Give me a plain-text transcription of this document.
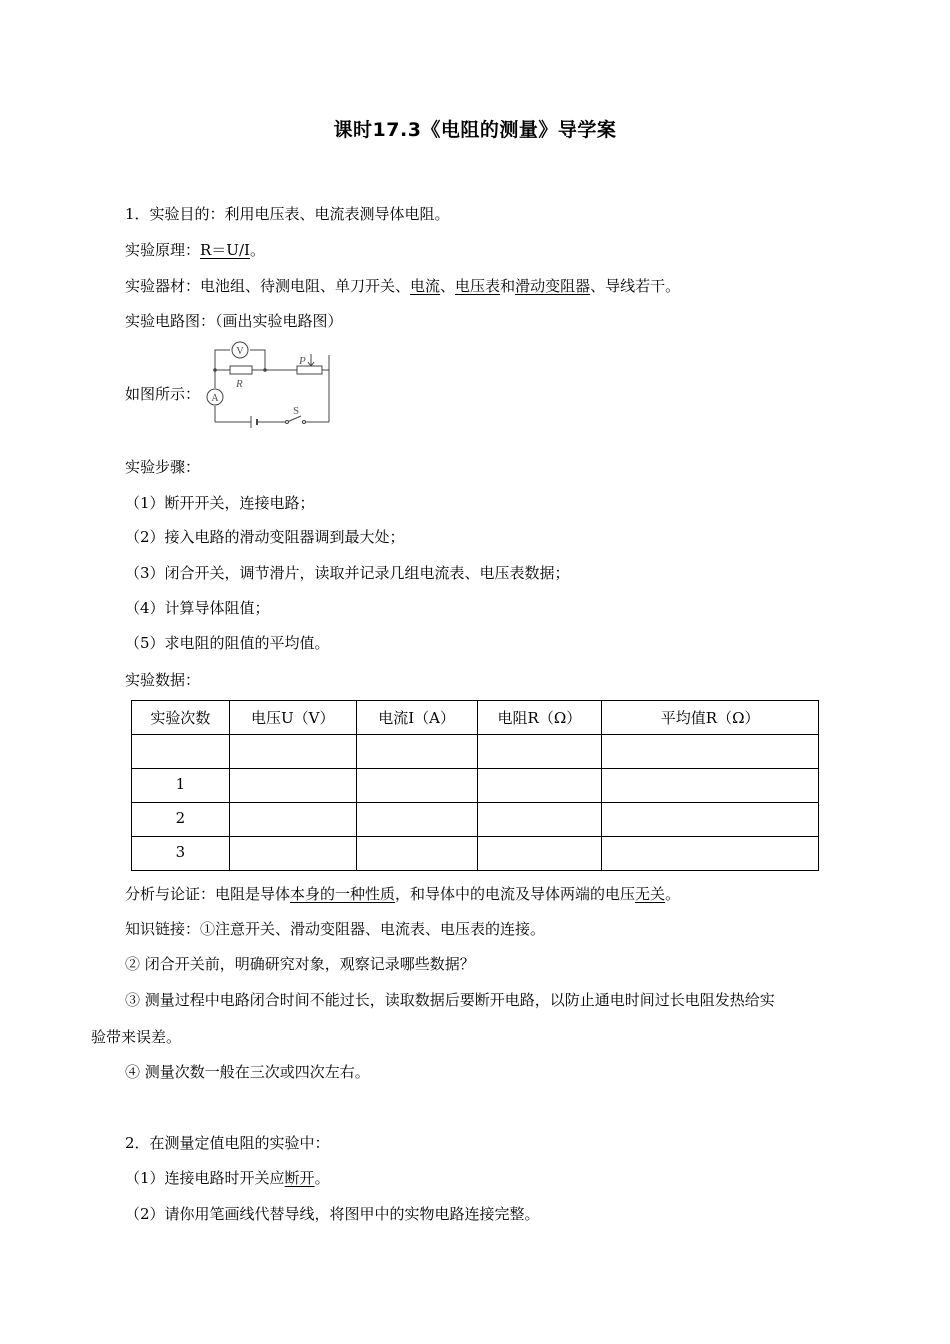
课时17.3《电阻的测量》导学案
1．实验目的：利用电压表、电流表测导体电阻。
实验原理：R＝U/I。
实验器材：电池组、待测电阻、单刀开关、电流、电压表和滑动变阻器、导线若干。
实验电路图：（画出实验电路图）
如图所示：
V
A
R
P
S
实验步骤：
（1）断开开关，连接电路；
（2）接入电路的滑动变阻器调到最大处；
（3）闭合开关，调节滑片，读取并记录几组电流表、电压表数据；
（4）计算导体阻值；
（5）求电阻的阻值的平均值。
实验数据：
实验次数	电压U（V）	电流I（A）	电阻R（Ω）	平均值R（Ω）

1				
2				
3				
分析与论证：电阻是导体本身的一种性质，和导体中的电流及导体两端的电压无关。
知识链接：①注意开关、滑动变阻器、电流表、电压表的连接。
② 闭合开关前，明确研究对象，观察记录哪些数据？
③ 测量过程中电路闭合时间不能过长，读取数据后要断开电路，以防止通电时间过长电阻发热给实
验带来误差。
④ 测量次数一般在三次或四次左右。
2．在测量定值电阻的实验中：
（1）连接电路时开关应断开。
（2）请你用笔画线代替导线，将图甲中的实物电路连接完整。
